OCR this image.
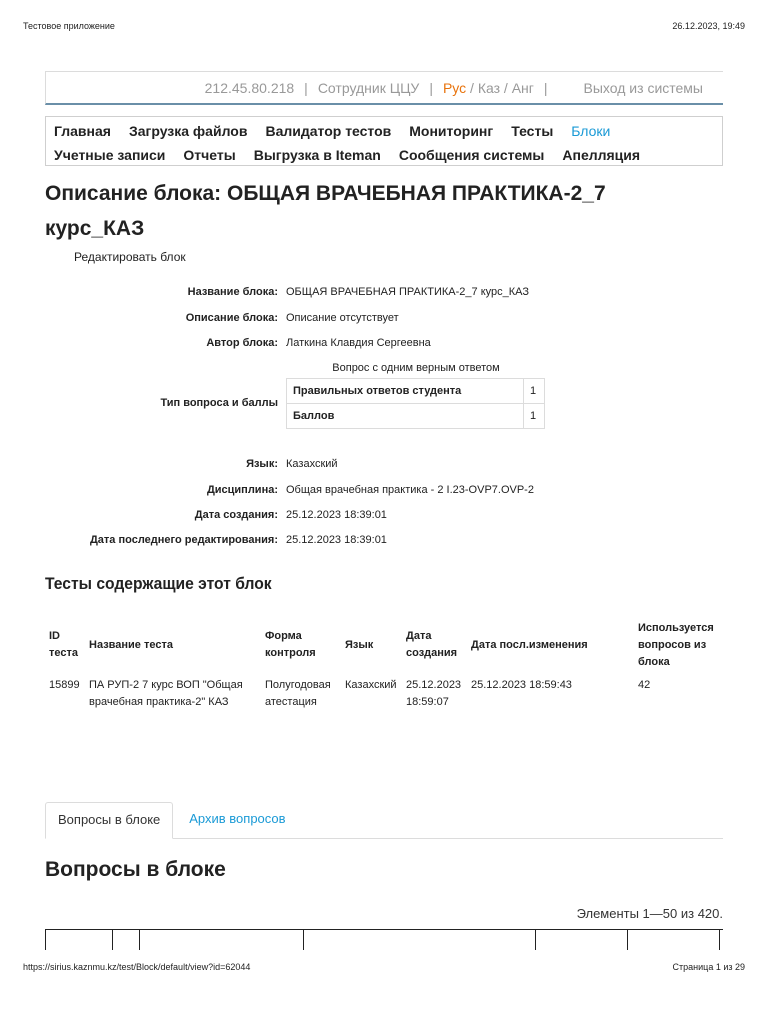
Тестовое приложение	26.12.2023, 19:49
212.45.80.218 | Сотрудник ЦЦУ | Рус / Каз / Анг |	Выход из системы
Главная Загрузка файлов Валидатор тестов Мониторинг Тесты Блоки
Учетные записи Отчеты Выгрузка в Iteman Сообщения системы Апелляция
Описание блока: ОБЩАЯ ВРАЧЕБНАЯ ПРАКТИКА-2_7 курс_КАЗ
Редактировать блок
Название блока: ОБЩАЯ ВРАЧЕБНАЯ ПРАКТИКА-2_7 курс_КАЗ
Описание блока: Описание отсутствует
Автор блока: Латкина Клавдия Сергеевна
Язык: Казахский
Дисциплина: Общая врачебная практика - 2 I.23-OVP7.OVP-2
Дата создания: 25.12.2023 18:39:01
Дата последнего редактирования: 25.12.2023 18:39:01
Вопрос с одним верным ответом
Тип вопроса и баллы
Правильных ответов студента	1
Баллов	1
Тесты содержащие этот блок
ID теста	Название теста	Форма контроля	Язык	Дата создания	Дата посл.изменения	Используется вопросов из блока
15899	ПА РУП-2 7 курс ВОП "Общая врачебная практика-2" КАЗ	Полугодовая атестация	Казахский	25.12.2023 18:59:07	25.12.2023 18:59:43	42
Вопросы в блоке	Архив вопросов
Вопросы в блоке
Элементы 1—50 из 420.
https://sirius.kaznmu.kz/test/Block/default/view?id=62044	Страница 1 из 29
